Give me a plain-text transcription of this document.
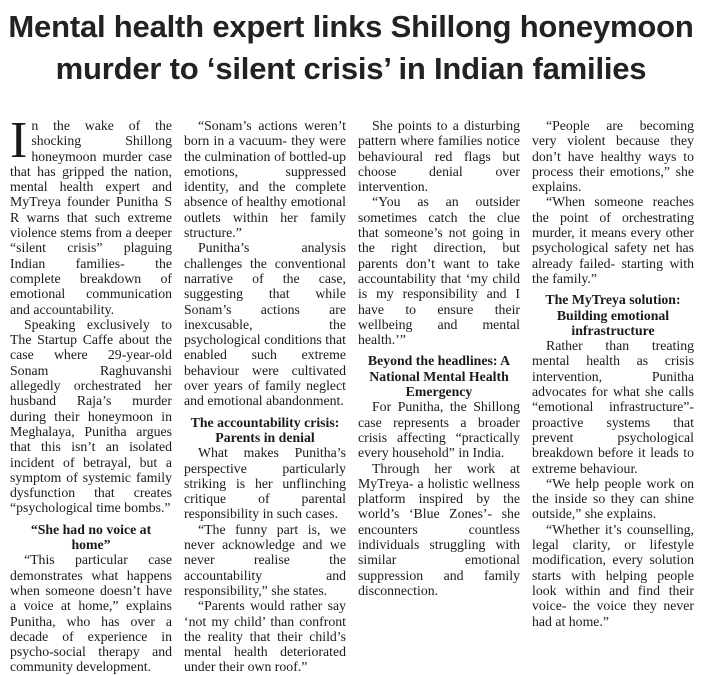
Mental health expert links Shillong honeymoon
murder to ‘silent crisis’ in Indian families

In the wake of the shocking Shillong honeymoon murder case that has gripped the nation, mental health expert and MyTreya founder Punitha S R warns that such extreme violence stems from a deeper “silent crisis” plaguing Indian families- the complete breakdown of emotional communication and accountability.

Speaking exclusively to The Startup Caffe about the case where 29-year-old Sonam Raghuvanshi allegedly orchestrated her husband Raja’s murder during their honeymoon in Meghalaya, Punitha argues that this isn’t an isolated incident of betrayal, but a symptom of systemic family dysfunction that creates “psychological time bombs.”

“She had no voice at home”

“This particular case demonstrates what happens when someone doesn’t have a voice at home,” explains Punitha, who has over a decade of experience in psycho-social therapy and community development.

“Sonam’s actions weren’t born in a vacuum- they were the culmination of bottled-up emotions, suppressed identity, and the complete absence of healthy emotional outlets within her family structure.”

Punitha’s analysis challenges the conventional narrative of the case, suggesting that while Sonam’s actions are inexcusable, the psychological conditions that enabled such extreme behaviour were cultivated over years of family neglect and emotional abandonment.

The accountability crisis: Parents in denial

What makes Punitha’s perspective particularly striking is her unflinching critique of parental responsibility in such cases.

“The funny part is, we never acknowledge and we never realise the accountability and responsibility,” she states.

“Parents would rather say ‘not my child’ than confront the reality that their child’s mental health deteriorated under their own roof.”

She points to a disturbing pattern where families notice behavioural red flags but choose denial over intervention.

“You as an outsider sometimes catch the clue that someone’s not going in the right direction, but parents don’t want to take accountability that ‘my child is my responsibility and I have to ensure their wellbeing and mental health.’”

Beyond the headlines: A National Mental Health Emergency

For Punitha, the Shillong case represents a broader crisis affecting “practically every household” in India.

Through her work at MyTreya- a holistic wellness platform inspired by the world’s ‘Blue Zones’- she encounters countless individuals struggling with similar emotional suppression and family disconnection.

“People are becoming very violent because they don’t have healthy ways to process their emotions,” she explains.

“When someone reaches the point of orchestrating murder, it means every other psychological safety net has already failed- starting with the family.”

The MyTreya solution: Building emotional infrastructure

Rather than treating mental health as crisis intervention, Punitha advocates for what she calls “emotional infrastructure”- proactive systems that prevent psychological breakdown before it leads to extreme behaviour.

“We help people work on the inside so they can shine outside,” she explains.

“Whether it’s counselling, legal clarity, or lifestyle modification, every solution starts with helping people look within and find their voice- the voice they never had at home.”
